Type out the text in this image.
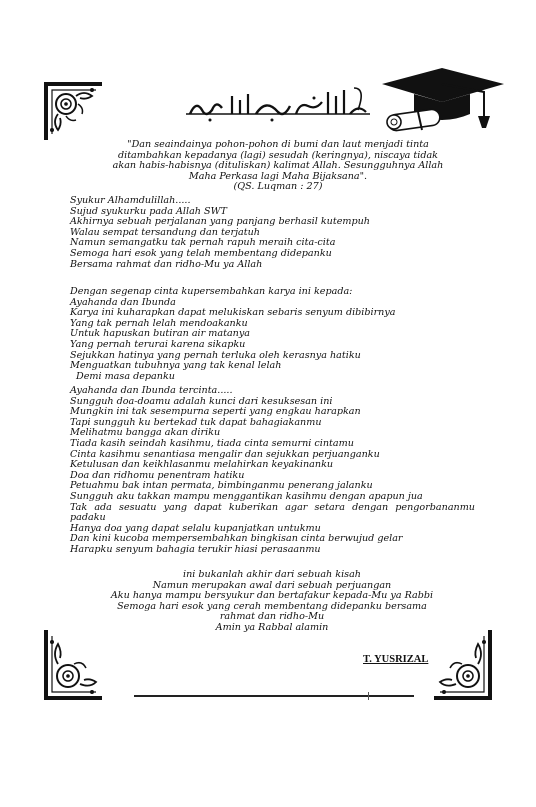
"Dan seaindainya pohon-pohon di bumi dan laut menjadi tinta
ditambahkan kepadanya (lagi) sesudah (keringnya), niscaya tidak
akan habis-habisnya (dituliskan) kalimat Allah. Sesungguhnya Allah
Maha Perkasa lagi Maha Bijaksana".
(QS. Luqman : 27)
Syukur Alhamdulillah.....
Sujud syukurku pada Allah SWT
Akhirnya sebuah perjalanan yang panjang berhasil kutempuh
Walau sempat tersandung dan terjatuh
Namun semangatku tak pernah rapuh meraih cita-cita
Semoga hari esok yang telah membentang didepanku
Bersama rahmat dan ridho-Mu ya Allah
Dengan segenap cinta kupersembahkan karya ini kepada:
Ayahanda dan Ibunda
Karya ini kuharapkan dapat melukiskan sebaris senyum dibibirnya
Yang tak pernah lelah mendoakanku
Untuk hapuskan butiran air matanya
Yang pernah terurai karena sikapku
Sejukkan hatinya yang pernah terluka oleh kerasnya hatiku
Menguatkan tubuhnya yang tak kenal lelah
Demi masa depanku
Ayahanda dan Ibunda tercinta.....
Sungguh doa-doamu adalah kunci dari kesuksesan ini
Mungkin ini tak sesempurna seperti yang engkau harapkan
Tapi sungguh ku bertekad tuk dapat bahagiakanmu
Melihatmu bangga akan diriku
Tiada kasih seindah kasihmu, tiada cinta semurni cintamu
Cinta kasihmu senantiasa mengalir dan sejukkan perjuanganku
Ketulusan dan keikhlasanmu melahirkan keyakinanku
Doa dan ridhomu penentram hatiku
Petuahmu bak intan permata, bimbinganmu penerang jalanku
Sungguh aku takkan mampu menggantikan kasihmu dengan apapun jua
Tak ada sesuatu yang dapat kuberikan agar setara dengan pengorbananmu padaku
Hanya doa yang dapat selalu kupanjatkan untukmu
Dan kini kucoba mempersembahkan bingkisan cinta berwujud gelar
Harapku senyum bahagia terukir hiasi perasaanmu
ini bukanlah akhir dari sebuah kisah
Namun merupakan awal dari sebuah perjuangan
Aku hanya mampu bersyukur dan bertafakur kepada-Mu ya Rabbi
Semoga hari esok yang cerah membentang didepanku bersama
rahmat dan ridho-Mu
Amin ya Rabbal alamin
T. YUSRIZAL
